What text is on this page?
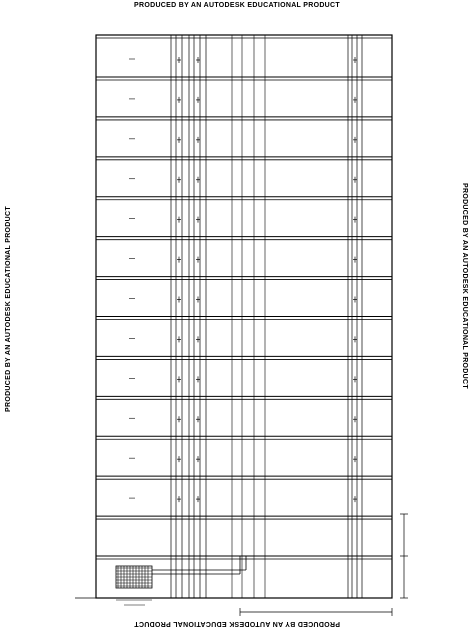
PRODUCED BY AN AUTODESK EDUCATIONAL PRODUCT
PRODUCED BY AN AUTODESK EDUCATIONAL PRODUCT	PRODUCED BY AN AUTODESK EDUCATIONAL PRODUCT
PRODUCED BY AN AUTODESK EDUCATIONAL PRODUCT
